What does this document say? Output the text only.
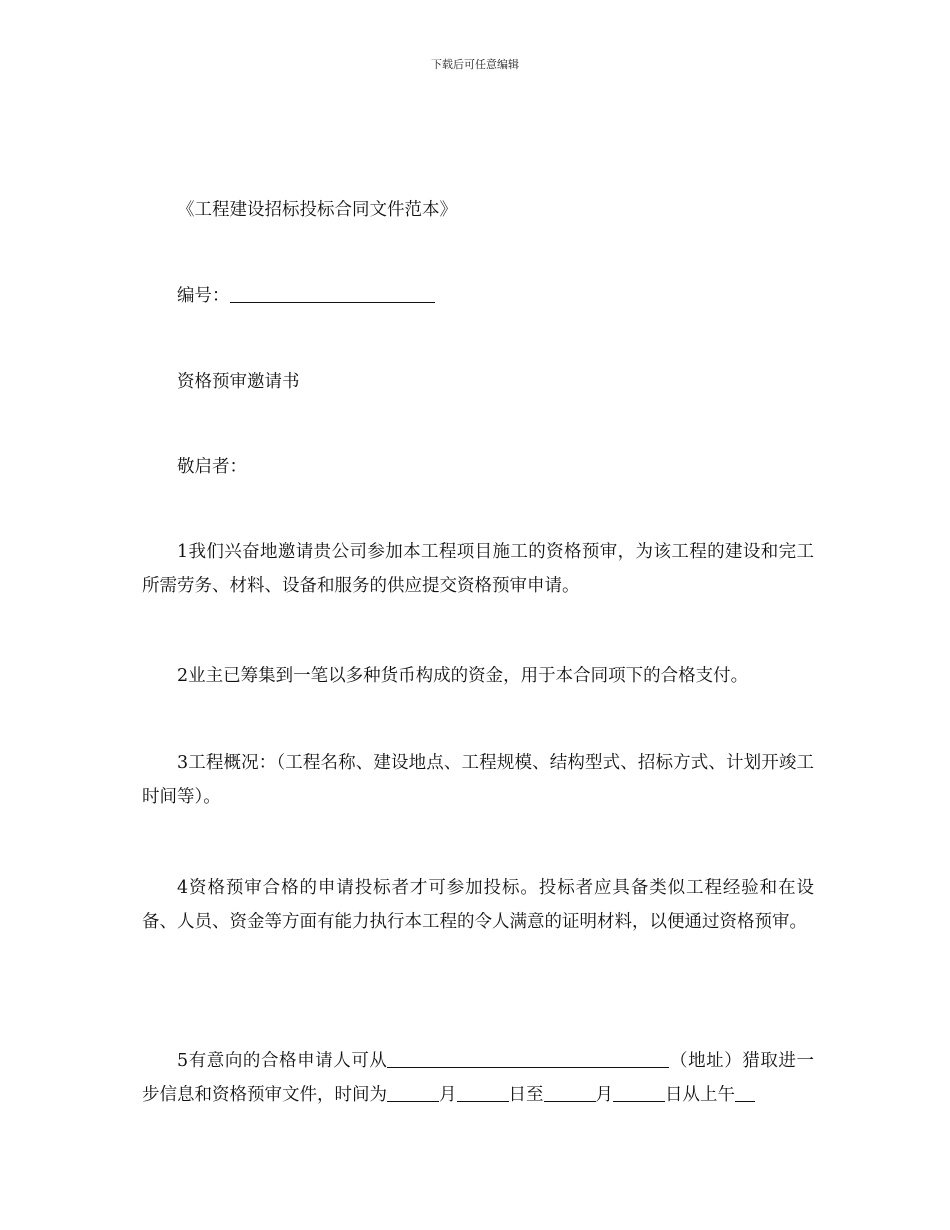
下载后可任意编辑

《工程建设招标投标合同文件范本》

编号：

资格预审邀请书

敬启者：

1我们兴奋地邀请贵公司参加本工程项目施工的资格预审，为该工程的建设和完工所需劳务、材料、设备和服务的供应提交资格预审申请。

2业主已筹集到一笔以多种货币构成的资金，用于本合同项下的合格支付。

3工程概况：（工程名称、建设地点、工程规模、结构型式、招标方式、计划开竣工时间等）。

4资格预审合格的申请投标者才可参加投标。投标者应具备类似工程经验和在设备、人员、资金等方面有能力执行本工程的令人满意的证明材料，以便通过资格预审。

5有意向的合格申请人可从	（地址）猎取进一步信息和资格预审文件，时间为	月	日至	月	日从上午
